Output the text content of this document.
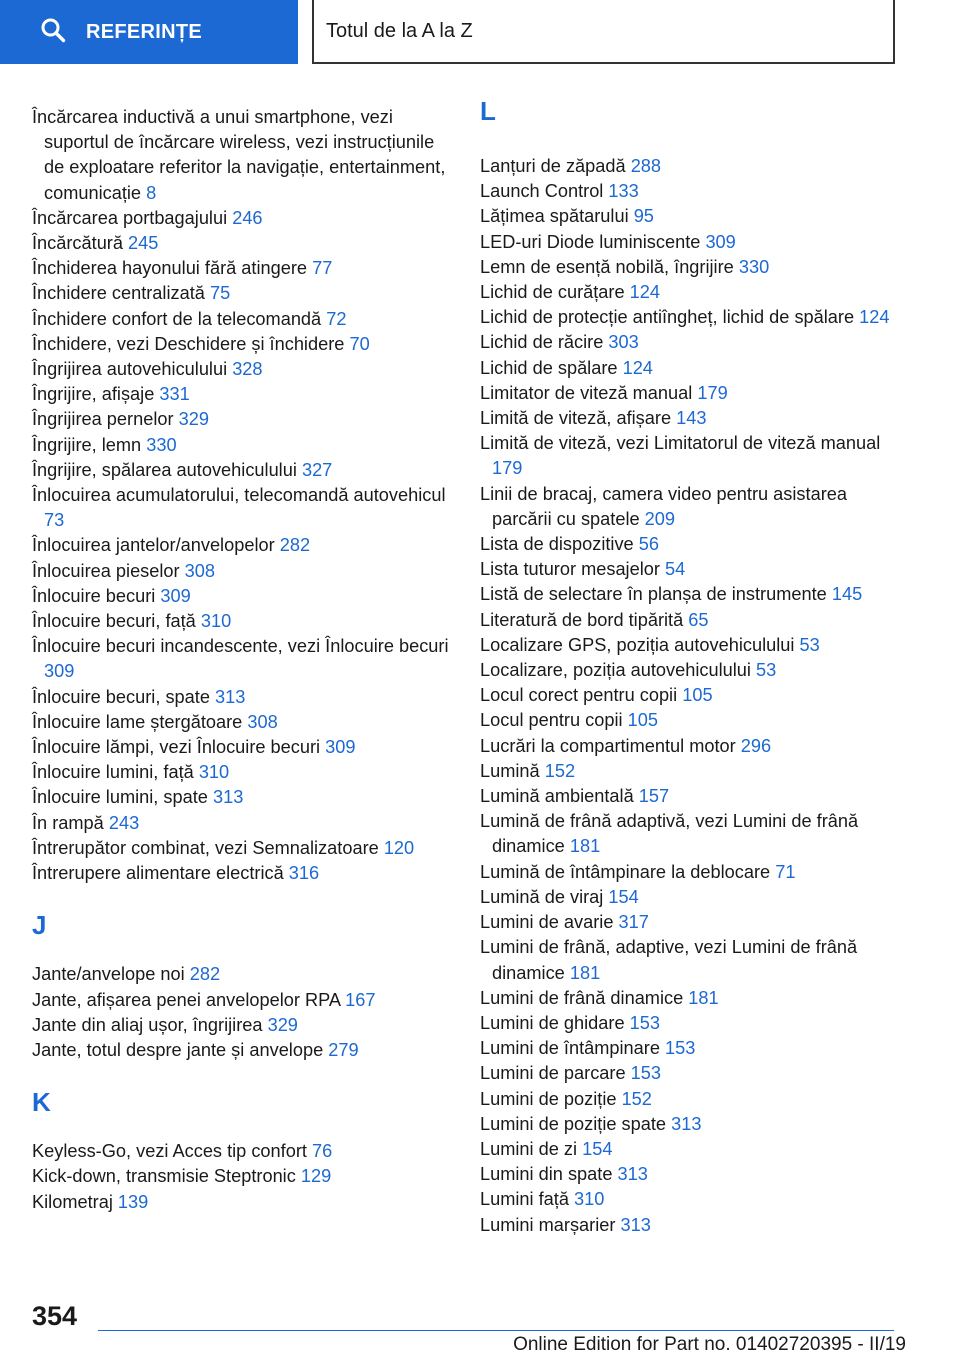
REFERINȚE	Totul de la A la Z
Încărcarea inductivă a unui smartphone, vezi suportul de încărcare wireless, vezi instrucțiunile de exploatare referitor la navigație, entertainment, comunicație 8
Încărcarea portbagajului 246
Încărcătură 245
Închiderea hayonului fără atingere 77
Închidere centralizată 75
Închidere confort de la telecomandă 72
Închidere, vezi Deschidere și închidere 70
Îngrijirea autovehiculului 328
Îngrijire, afișaje 331
Îngrijirea pernelor 329
Îngrijire, lemn 330
Îngrijire, spălarea autovehiculului 327
Înlocuirea acumulatorului, telecomandă autovehicul 73
Înlocuirea jantelor/anvelopelor 282
Înlocuirea pieselor 308
Înlocuire becuri 309
Înlocuire becuri, față 310
Înlocuire becuri incandescente, vezi Înlocuire becuri 309
Înlocuire becuri, spate 313
Înlocuire lame ștergătoare 308
Înlocuire lămpi, vezi Înlocuire becuri 309
Înlocuire lumini, față 310
Înlocuire lumini, spate 313
În rampă 243
Întrerupător combinat, vezi Semnalizatoare 120
Întrerupere alimentare electrică 316
J
Jante/anvelope noi 282
Jante, afișarea penei anvelopelor RPA 167
Jante din aliaj ușor, îngrijirea 329
Jante, totul despre jante și anvelope 279
K
Keyless-Go, vezi Acces tip confort 76
Kick-down, transmisie Steptronic 129
Kilometraj 139
L
Lanțuri de zăpadă 288
Launch Control 133
Lățimea spătarului 95
LED-uri Diode luminiscente 309
Lemn de esență nobilă, îngrijire 330
Lichid de curățare 124
Lichid de protecție antiîngheț, lichid de spălare 124
Lichid de răcire 303
Lichid de spălare 124
Limitator de viteză manual 179
Limită de viteză, afișare 143
Limită de viteză, vezi Limitatorul de viteză manual 179
Linii de bracaj, camera video pentru asistarea parcării cu spatele 209
Lista de dispozitive 56
Lista tuturor mesajelor 54
Listă de selectare în planșa de instrumente 145
Literatură de bord tipărită 65
Localizare GPS, poziția autovehiculului 53
Localizare, poziția autovehiculului 53
Locul corect pentru copii 105
Locul pentru copii 105
Lucrări la compartimentul motor 296
Lumină 152
Lumină ambientală 157
Lumină de frână adaptivă, vezi Lumini de frână dinamice 181
Lumină de întâmpinare la deblocare 71
Lumină de viraj 154
Lumini de avarie 317
Lumini de frână, adaptive, vezi Lumini de frână dinamice 181
Lumini de frână dinamice 181
Lumini de ghidare 153
Lumini de întâmpinare 153
Lumini de parcare 153
Lumini de poziție 152
Lumini de poziție spate 313
Lumini de zi 154
Lumini din spate 313
Lumini față 310
Lumini marșarier 313
354
Online Edition for Part no. 01402720395 - II/19
